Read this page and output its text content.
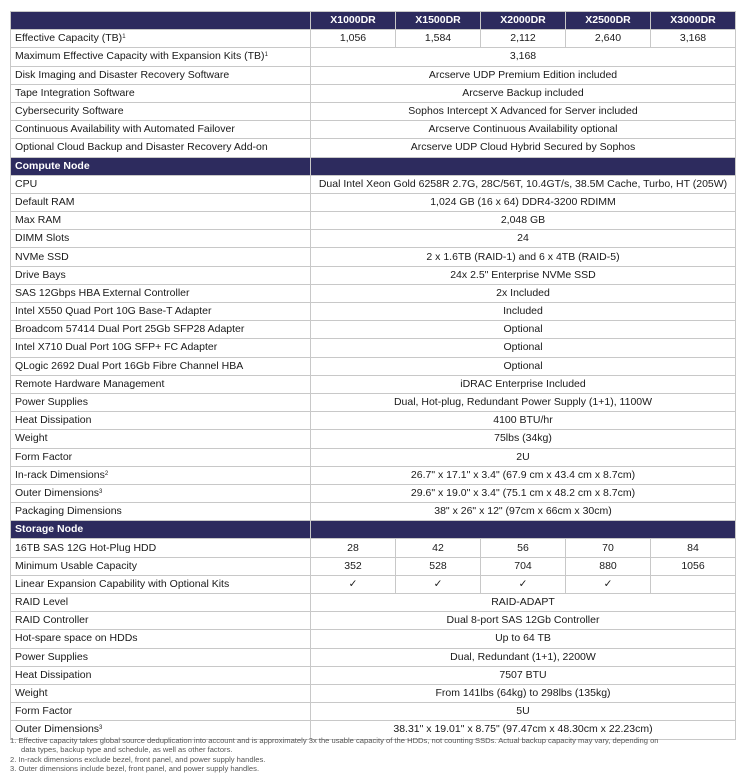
	X1000DR	X1500DR	X2000DR	X2500DR	X3000DR
Effective Capacity (TB)$^1$	1,056	1,584	2,112	2,640	3,168
Maximum Effective Capacity with Expansion Kits (TB)$^1$	3,168				
Disk Imaging and Disaster Recovery Software	Arcserve UDP Premium Edition included				
Tape Integration Software	Arcserve Backup included				
Cybersecurity Software	Sophos Intercept X Advanced for Server included				
Continuous Availability with Automated Failover	Arcserve Continuous Availability optional				
Optional Cloud Backup and Disaster Recovery Add-on	Arcserve UDP Cloud Hybrid Secured by Sophos				
Compute Node					
CPU	Dual Intel Xeon Gold 6258R 2.7G, 28C/56T, 10.4GT/s, 38.5M Cache, Turbo, HT (205W)				
Default RAM	1,024 GB (16 x 64) DDR4-3200 RDIMM				
Max RAM	2,048 GB				
DIMM Slots	24				
NVMe SSD	2 x 1.6TB (RAID-1) and 6 x 4TB (RAID-5)				
Drive Bays	24x 2.5" Enterprise NVMe SSD				
SAS 12Gbps HBA External Controller	2x Included				
Intel X550 Quad Port 10G Base-T Adapter	Included				
Broadcom 57414 Dual Port 25Gb SFP28 Adapter	Optional				
Intel X710 Dual Port 10G SFP+ FC Adapter	Optional				
QLogic 2692 Dual Port 16Gb Fibre Channel HBA	Optional				
Remote Hardware Management	iDRAC Enterprise Included				
Power Supplies	Dual, Hot-plug, Redundant Power Supply (1+1), 1100W				
Heat Dissipation	4100 BTU/hr				
Weight	75lbs (34kg)				
Form Factor	2U				
In-rack Dimensions$^2$	26.7" x 17.1" x 3.4" (67.9 cm x 43.4 cm x 8.7cm)				
Outer Dimensions$^3$	29.6" x 19.0" x 3.4" (75.1 cm x 48.2 cm x 8.7cm)				
Packaging Dimensions	38" x 26" x 12" (97cm x 66cm x 30cm)				
Storage Node					
16TB SAS 12G Hot-Plug HDD	28	42	56	70	84
Minimum Usable Capacity	352	528	704	880	1056
Linear Expansion Capability with Optional Kits	✓	✓	✓	✓	
RAID Level	RAID-ADAPT				
RAID Controller	Dual 8-port SAS 12Gb Controller				
Hot-spare space on HDDs	Up to 64 TB				
Power Supplies	Dual, Redundant (1+1), 2200W				
Heat Dissipation	7507 BTU				
Weight	From 141lbs (64kg) to 298lbs (135kg)				
Form Factor	5U				
Outer Dimensions$^3$	38.31" x 19.01" x 8.75" (97.47cm x 48.30cm x 22.23cm)				
1. Effective capacity takes global source deduplication into account and is approximately 3x the usable capacity of the HDDs, not counting SSDs. Actual backup capacity may vary, depending on
data types, backup type and schedule, as well as other factors.
2. In-rack dimensions exclude bezel, front panel, and power supply handles.
3. Outer dimensions include bezel, front panel, and power supply handles.
